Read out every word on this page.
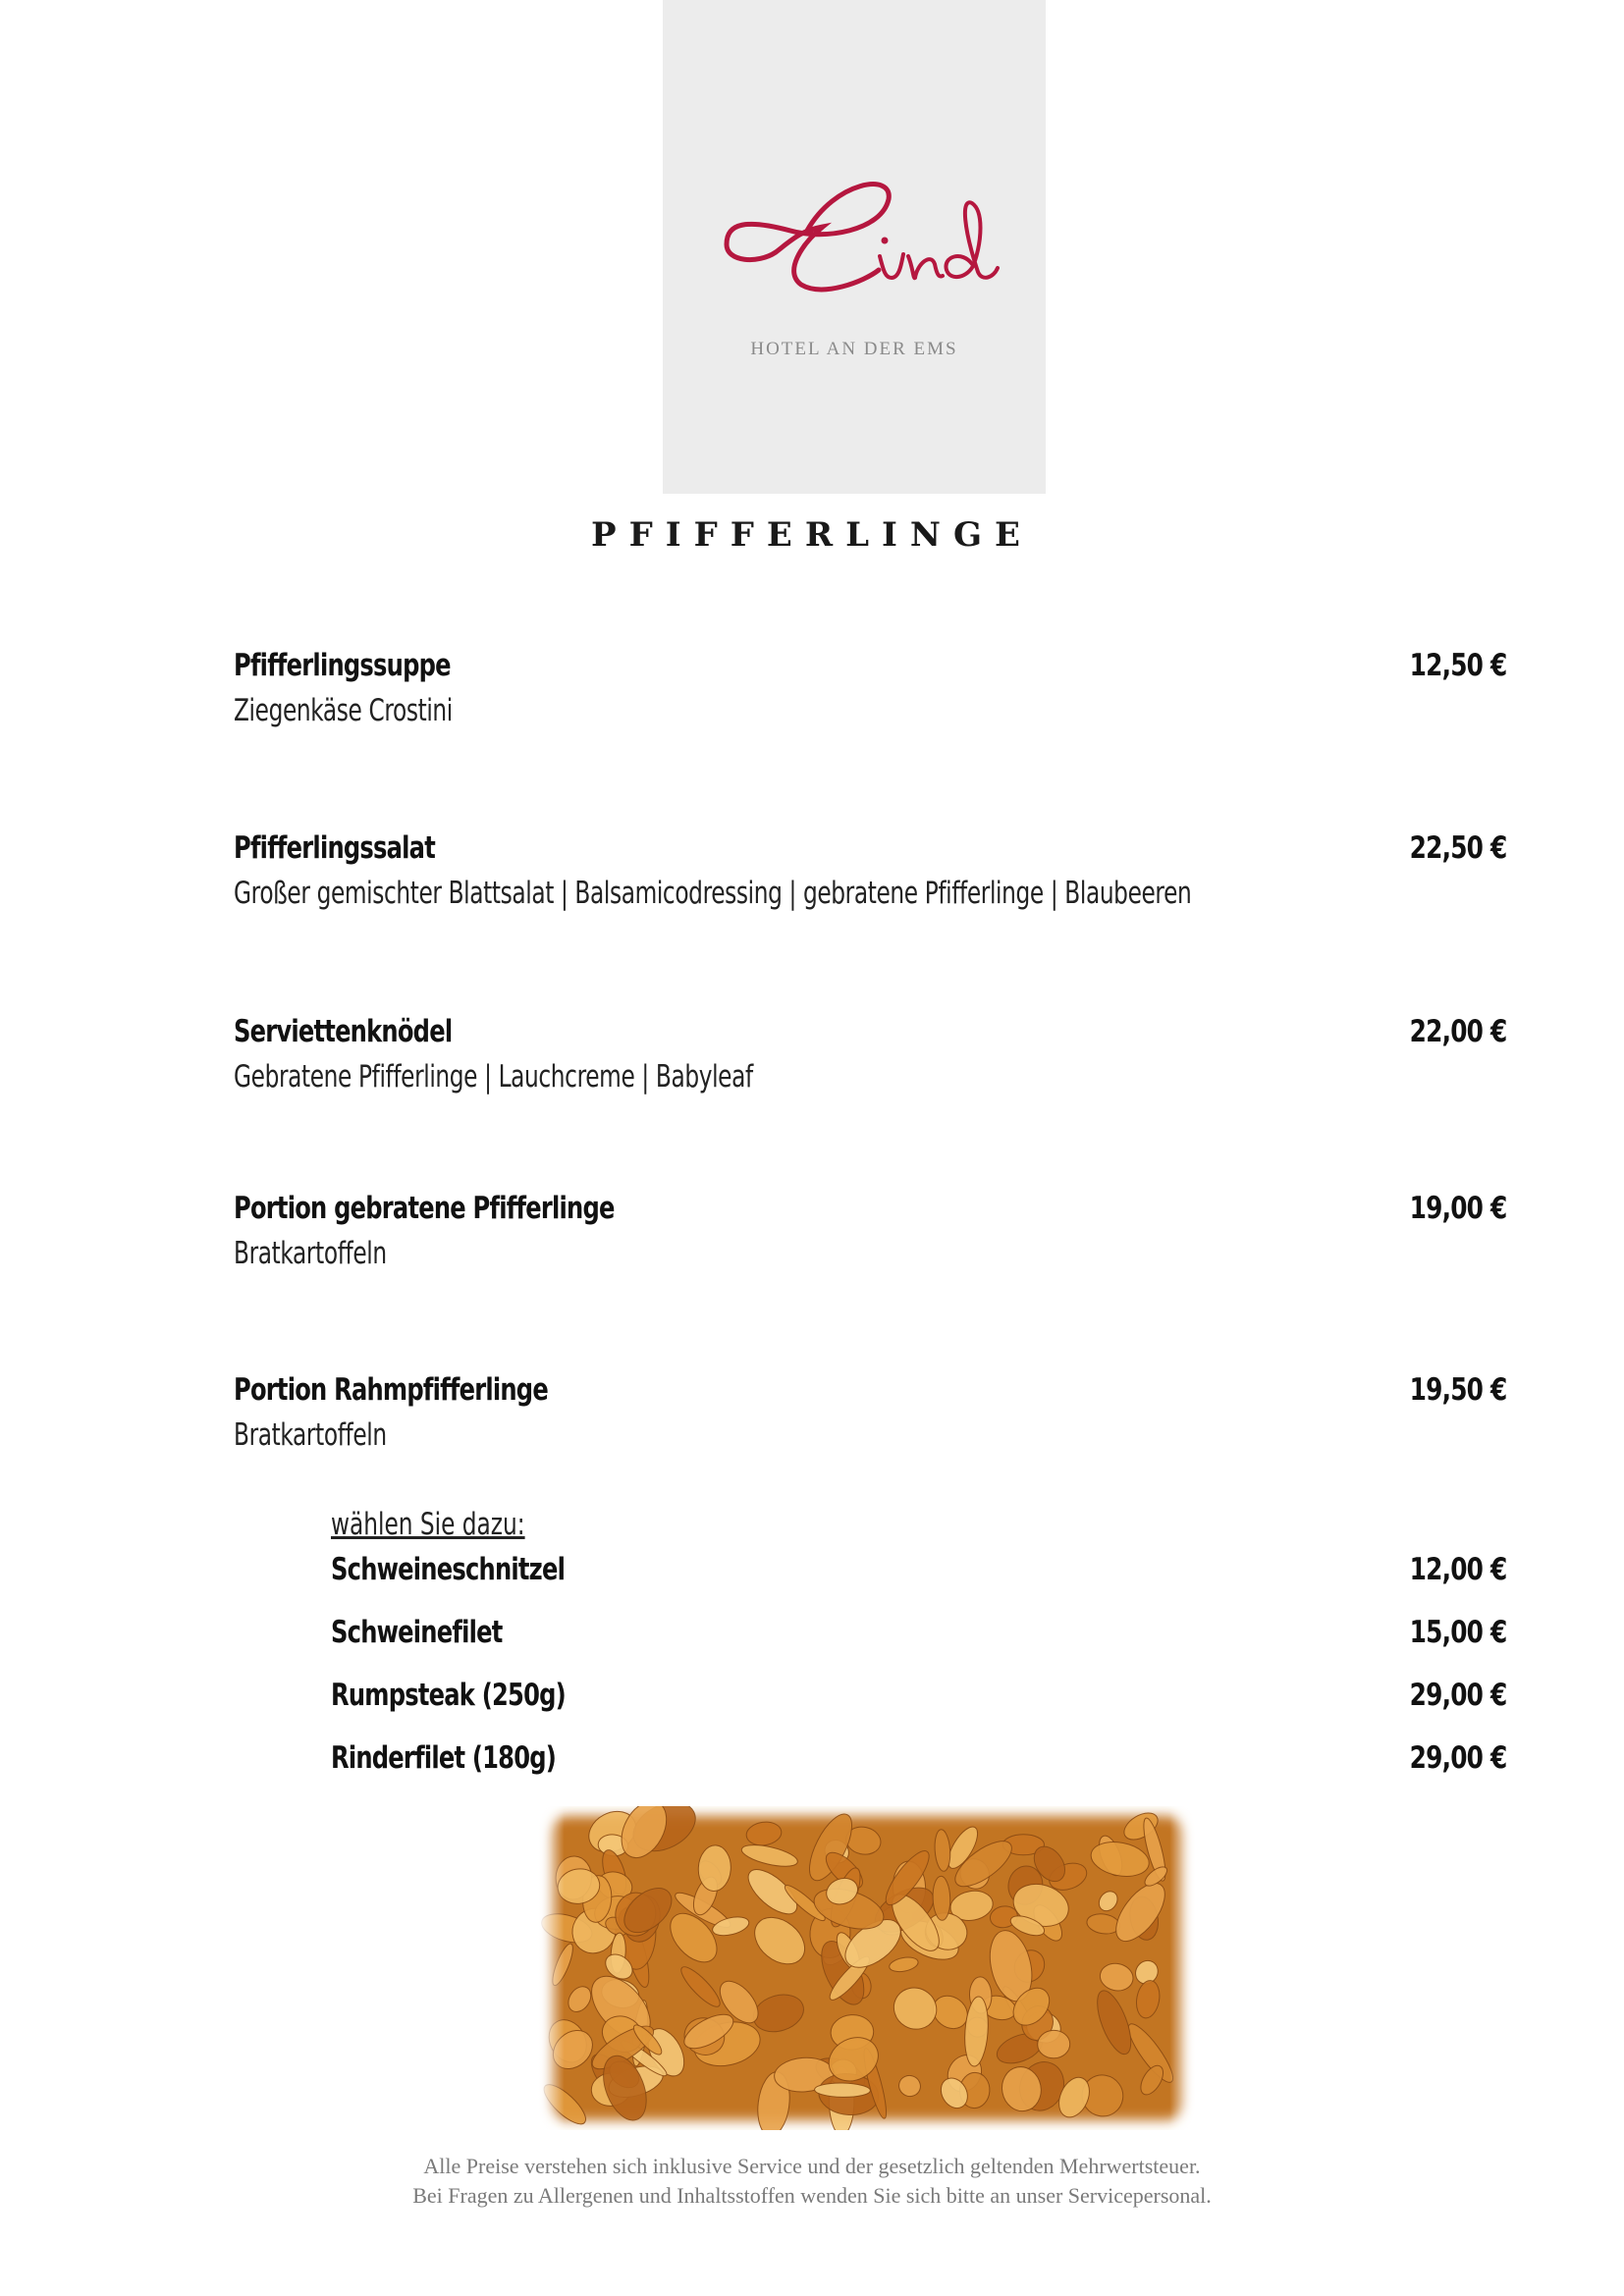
HOTEL AN DER EMS
PFIFFERLINGE
Pfifferlingssuppe
Ziegenkäse Crostini
12,50 €
Pfifferlingssalat
Großer gemischter Blattsalat | Balsamicodressing | gebratene Pfifferlinge | Blaubeeren
22,50 €
Serviettenknödel
Gebratene Pfifferlinge | Lauchcreme | Babyleaf
22,00 €
Portion gebratene Pfifferlinge
Bratkartoffeln
19,00 €
Portion Rahmpfifferlinge
Bratkartoffeln
19,50 €
wählen Sie dazu:
Schweineschnitzel	12,00 €
Schweinefilet	15,00 €
Rumpsteak (250g)	29,00 €
Rinderfilet (180g)	29,00 €
Alle Preise verstehen sich inklusive Service und der gesetzlich geltenden Mehrwertsteuer.
Bei Fragen zu Allergenen und Inhaltsstoffen wenden Sie sich bitte an unser Servicepersonal.
